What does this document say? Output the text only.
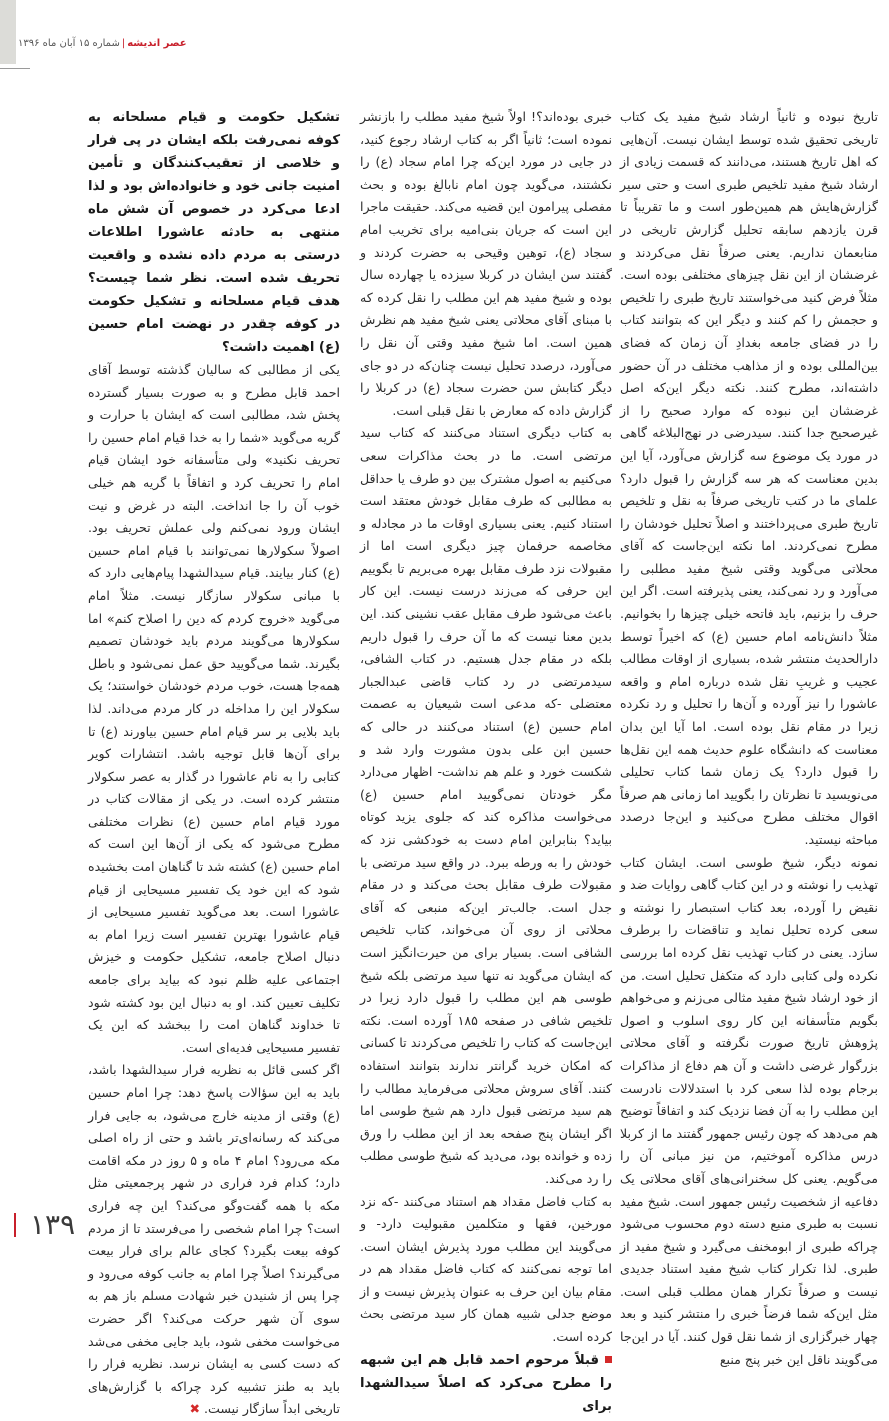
عصر اندیشه|شماره ۱۵ آبان ماه ۱۳۹۶

تاریخ نبوده و ثانیاً ارشاد شیخ مفید یک کتاب تاریخی تحقیق شده توسط ایشان نیست. آن‌هایی که اهل تاریخ هستند، می‌دانند که قسمت زیادی از ارشاد شیخ مفید تلخیص طبری است و حتی سیر گزارش‌هایش هم همین‌طور است و ما تقریباً تا قرن یازدهم سابقه تحلیل گزارش تاریخی در منابعمان نداریم. یعنی صرفاً نقل می‌کردند و غرضشان از این نقل چیزهای مختلفی بوده است. مثلاً فرض کنید می‌خواستند تاریخ طبری را تلخیص و حجمش را کم کنند و دیگر این که بتوانند کتاب را در فضای جامعه بغدادِ آن زمان که فضای بین‌المللی بوده و از مذاهب مختلف در آن حضور داشته‌اند، مطرح کنند. نکته دیگر این‌که اصل غرضشان این نبوده که موارد صحیح را از غیرصحیح جدا کنند. سیدرضی در نهج‌البلاغه گاهی در مورد یک موضوع سه گزارش می‌آورد، آیا این بدین معناست که هر سه گزارش را قبول دارد؟ علمای ما در کتب تاریخی صرفاً به نقل و تلخیص تاریخ طبری می‌پرداختند و اصلاً تحلیل خودشان را مطرح نمی‌کردند. اما نکته این‌جاست که آقای محلاتی می‌گوید وقتی شیخ مفید مطلبی را می‌آورد و رد نمی‌کند، یعنی پذیرفته است. اگر این حرف را بزنیم، باید فاتحه خیلی چیزها را بخوانیم. مثلاً دانش‌نامه امام حسین (ع) که اخیراً توسط دارالحدیث منتشر شده، بسیاری از اوقات مطالب عجیب و غریبِ نقل شده درباره امام و واقعه عاشورا را نیز آورده و آن‌ها را تحلیل و رد نکرده زیرا در مقام نقل بوده است. اما آیا این بدان معناست که دانشگاه علوم حدیث همه این نقل‌ها را قبول دارد؟ یک زمان شما کتاب تحلیلی می‌نویسید تا نظرتان را بگویید اما زمانی هم صرفاً اقوال مختلف مطرح می‌کنید و این‌جا درصدد مباحثه نیستید.

نمونه دیگر، شیخ طوسی است. ایشان کتاب تهذیب را نوشته و در این کتاب گاهی روایات ضد و نقیض را آورده، بعد کتاب استبصار را نوشته و سعی کرده تحلیل نماید و تناقضات را برطرف سازد. یعنی در کتاب تهذیب نقل کرده اما بررسی نکرده ولی کتابی دارد که متکفل تحلیل است. من از خود ارشاد شیخ مفید مثالی می‌زنم و می‌خواهم بگویم متأسفانه این کار روی اسلوب و اصول پژوهش تاریخ صورت نگرفته و آقای محلاتی بزرگوار غرضی داشت و آن هم دفاع از مذاکرات برجام بوده لذا سعی کرد با استدلالات نادرست این مطلب را به آن فضا نزدیک کند و اتفاقاً توضیح هم می‌دهد که چون رئیس جمهور گفتند ما از کربلا درس مذاکره آموختیم، من نیز مبانی آن را می‌گویم. یعنی کل سخنرانی‌های آقای محلاتی یک دفاعیه از شخصیت رئیس جمهور است. شیخ مفید نسبت به طبری منبع دسته دوم محسوب می‌شود چراکه طبری از ابومخنف می‌گیرد و شیخ مفید از طبری. لذا تکرار کتاب شیخ مفید استناد جدیدی نیست و صرفاً تکرار همان مطلب قبلی است. مثل این‌که شما فرضاً خبری را منتشر کنید و بعد چهار خبرگزاری از شما نقل قول کنند. آیا در این‌جا می‌گویند ناقل این خبر پنج منبع

خبری بوده‌اند؟! اولاً شیخ مفید مطلب را بازنشر نموده است؛ ثانیاً اگر به کتاب ارشاد رجوع کنید، در جایی در مورد این‌که چرا امام سجاد (ع) را نکشتند، می‌گوید چون امام نابالغ بوده و بحث مفصلی پیرامون این قضیه می‌کند. حقیقت ماجرا این است که جریان بنی‌امیه برای تخریب امام سجاد (ع)، توهین وقیحی به حضرت کردند و گفتند سن ایشان در کربلا سیزده یا چهارده سال بوده و شیخ مفید هم این مطلب را نقل کرده که با مبنای آقای محلاتی یعنی شیخ مفید هم نظرش همین است. اما شیخ مفید وقتی آن نقل را می‌آورد، درصدد تحلیل نیست چنان‌که در دو جای دیگر کتابش سن حضرت سجاد (ع) در کربلا را گزارش داده که معارض با نقل قبلی است.

به کتاب دیگری استناد می‌کنند که کتاب سید مرتضی است. ما در بحث مذاکرات سعی می‌کنیم به اصول مشترک بین دو طرف یا حداقل به مطالبی که طرف مقابل خودش معتقد است استناد کنیم. یعنی بسیاری اوقات ما در مجادله و مخاصمه حرفمان چیز دیگری است اما از مقبولات نزد طرف مقابل بهره می‌بریم تا بگوییم این حرفی که می‌زند درست نیست. این کار باعث می‌شود طرف مقابل عقب نشینی کند. این بدین معنا نیست که ما آن حرف را قبول داریم بلکه در مقام جدل هستیم. در کتاب الشافی، سیدمرتضی در رد کتاب قاضی عبدالجبار معتضلی -که مدعی است شیعیان به عصمت امام حسین (ع) استناد می‌کنند در حالی که حسین ابن علی بدون مشورت وارد شد و شکست خورد و علم هم نداشت- اظهار می‌دارد مگر خودتان نمی‌گویید امام حسین (ع) می‌خواست مذاکره کند که جلوی یزید کوتاه بیاید؟ بنابراین امام دست به خودکشی نزد که خودش را به ورطه ببرد. در واقع سید مرتضی با مقبولات طرف مقابل بحث می‌کند و در مقام جدل است. جالب‌تر این‌که منبعی که آقای محلاتی از روی آن می‌خواند، کتاب تلخیص الشافی است. بسیار برای من حیرت‌انگیز است که ایشان می‌گوید نه تنها سید مرتضی بلکه شیخ طوسی هم این مطلب را قبول دارد زیرا در تلخیص شافی در صفحه ۱۸۵ آورده است. نکته این‌جاست که کتاب را تلخیص می‌کردند تا کسانی که امکان خرید گرانتر ندارند بتوانند استفاده کنند. آقای سروش محلاتی می‌فرماید مطالب را هم سید مرتضی قبول دارد هم شیخ طوسی اما اگر ایشان پنج صفحه بعد از این مطلب را ورق زده و خوانده بود، می‌دید که شیخ طوسی مطلب را رد می‌کند.

به کتاب فاضل مقداد هم استناد می‌کنند -که نزد مورخین، فقها و متکلمین مقبولیت دارد- و می‌گویند این مطلب مورد پذیرش ایشان است. اما توجه نمی‌کنند که کتاب فاضل مقداد هم در مقام بیان این حرف به عنوان پذیرش نیست و از موضع جدلی شبیه همان کار سید مرتضی بحث کرده است.

قبلاً مرحوم احمد قابل هم این شبهه را مطرح می‌کرد که اصلاً سیدالشهدا برای

تشکیل حکومت و قیام مسلحانه به کوفه نمی‌رفت بلکه ایشان در پی فرار و خلاصی از تعقیب‌کنندگان و تأمین امنیت جانی خود و خانواده‌اش بود و لذا ادعا می‌کرد در خصوص آن شش ماه منتهی به حادثه عاشورا اطلاعات درستی به مردم داده نشده و واقعیت تحریف شده است. نظر شما چیست؟ هدف قیام مسلحانه و تشکیل حکومت در کوفه چقدر در نهضت امام حسین (ع) اهمیت داشت؟

یکی از مطالبی که سالیان گذشته توسط آقای احمد قابل مطرح و به صورت بسیار گسترده پخش شد، مطالبی است که ایشان با حرارت و گریه می‌گوید «شما را به خدا قیام امام حسین را تحریف نکنید» ولی متأسفانه خود ایشان قیام امام را تحریف کرد و اتفاقاً با گریه هم خیلی خوب آن را جا انداخت. البته در غرض و نیت ایشان ورود نمی‌کنم ولی عملش تحریف بود. اصولاً سکولارها نمی‌توانند با قیام امام حسین (ع) کنار بیایند. قیام سیدالشهدا پیام‌هایی دارد که با مبانی سکولار سازگار نیست. مثلاً امام می‌گوید «خروج کردم که دین را اصلاح کنم» اما سکولارها می‌گویند مردم باید خودشان تصمیم بگیرند. شما می‌گویید حق عمل نمی‌شود و باطل همه‌جا هست، خوب مردم خودشان خواستند؛ یک سکولار این را مداخله در کار مردم می‌داند. لذا باید بلایی بر سر قیام امام حسین بیاورند (ع) تا برای آن‌ها قابل توجیه باشد. انتشارات کویر کتابی را به نام عاشورا در گذار به عصر سکولار منتشر کرده است. در یکی از مقالات کتاب در مورد قیام امام حسین (ع) نظرات مختلفی مطرح می‌شود که یکی از آن‌ها این است که امام حسین (ع) کشته شد تا گناهان امت بخشیده شود که این خود یک تفسیر مسیحایی از قیام عاشورا است. بعد می‌گوید تفسیر مسیحایی از قیام عاشورا بهترین تفسیر است زیرا امام به دنبال اصلاح جامعه، تشکیل حکومت و خیزش اجتماعی علیه ظلم نبود که بیاید برای جامعه تکلیف تعیین کند. او به دنبال این بود کشته شود تا خداوند گناهان امت را ببخشد که این یک تفسیر مسیحایی فدیه‌ای است.

اگر کسی قائل به نظریه فرار سیدالشهدا باشد، باید به این سؤالات پاسخ دهد: چرا امام حسین (ع) وقتی از مدینه خارج می‌شود، به جایی فرار می‌کند که رسانه‌ای‌تر باشد و حتی از راه اصلی مکه می‌رود؟ امام ۴ ماه و ۵ روز در مکه اقامت دارد؛ کدام فرد فراری در شهر پرجمعیتی مثل مکه با همه گفت‌وگو می‌کند؟ این چه فراری است؟ چرا امام شخصی را می‌فرستد تا از مردم کوفه بیعت بگیرد؟ کجای عالم برای فرار بیعت می‌گیرند؟ اصلاً چرا امام به جانب کوفه می‌رود و چرا پس از شنیدن خبر شهادت مسلم باز هم به سوی آن شهر حرکت می‌کند؟ اگر حضرت می‌خواست مخفی شود، باید جایی مخفی می‌شد که دست کسی به ایشان نرسد. نظریه فرار را باید به طنز تشبیه کرد چراکه با گزارش‌های تاریخی ابداً سازگار نیست.✖

۱۳۹
